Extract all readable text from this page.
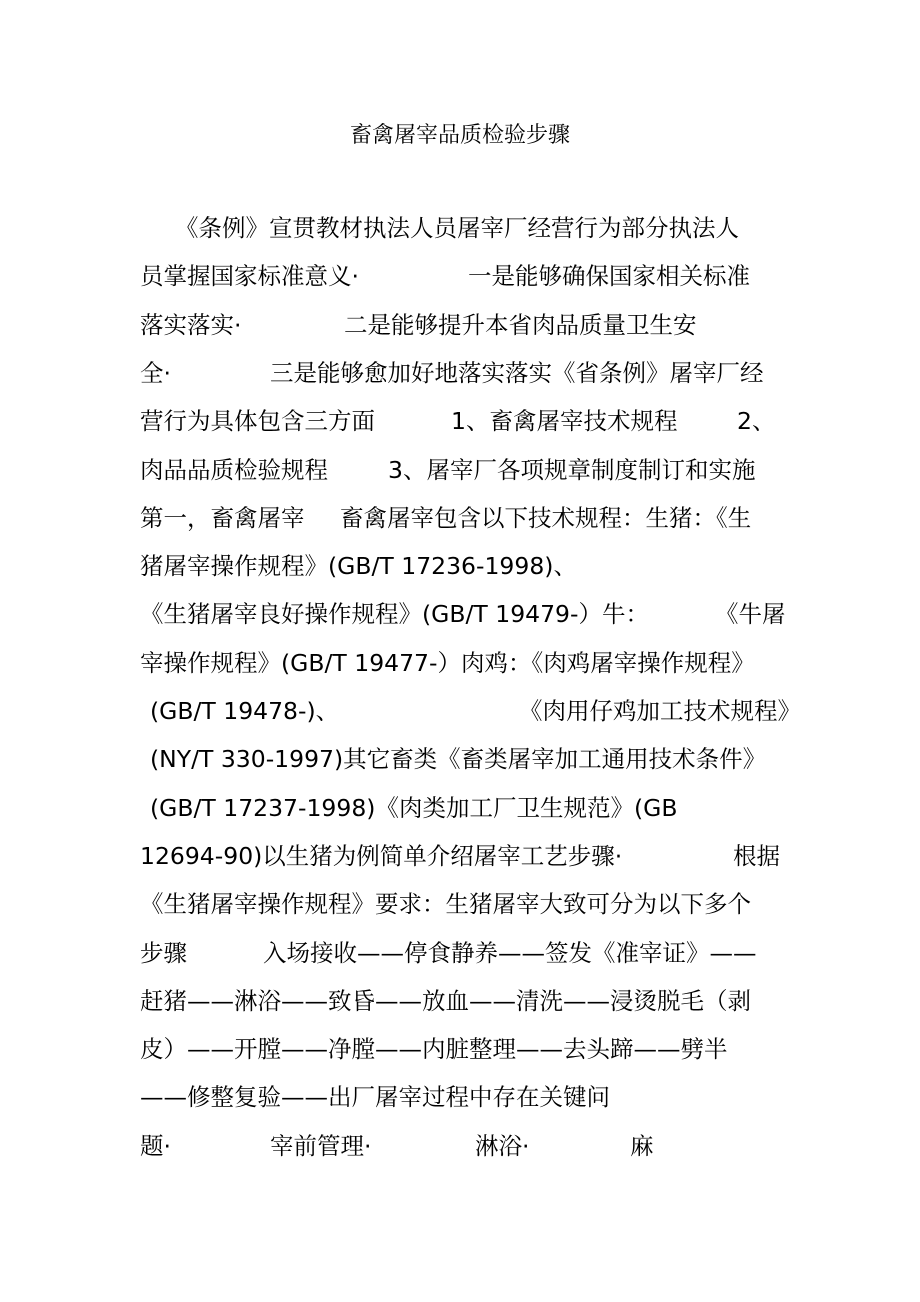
畜禽屠宰品质检验步骤
《条例》宣贯教材执法人员屠宰厂经营行为部分执法人
员掌握国家标准意义·	一是能够确保国家相关标准
落实落实·	二是能够提升本省肉品质量卫生安
全·	三是能够愈加好地落实落实《省条例》屠宰厂经
营行为具体包含三方面	1、畜禽屠宰技术规程	2、
肉品品质检验规程	3、屠宰厂各项规章制度制订和实施
第一，畜禽屠宰 畜禽屠宰包含以下技术规程：生猪：《生
猪屠宰操作规程》(GB/T 17236-1998)、
《生猪屠宰良好操作规程》(GB/T 19479-）牛：	《牛屠
宰操作规程》(GB/T 19477-）肉鸡：《肉鸡屠宰操作规程》
(GB/T 19478-)、	《肉用仔鸡加工技术规程》
(NY/T 330-1997)其它畜类《畜类屠宰加工通用技术条件》
(GB/T 17237-1998)《肉类加工厂卫生规范》(GB
12694-90)以生猪为例简单介绍屠宰工艺步骤·	根据
《生猪屠宰操作规程》要求：生猪屠宰大致可分为以下多个
步骤	入场接收——停食静养——签发《准宰证》——
赶猪——淋浴——致昏——放血——清洗——浸烫脱毛（剥
皮）——开膛——净膛——内脏整理——去头蹄——劈半
——修整复验——出厂屠宰过程中存在关键问
题·	宰前管理·	淋浴·	麻
